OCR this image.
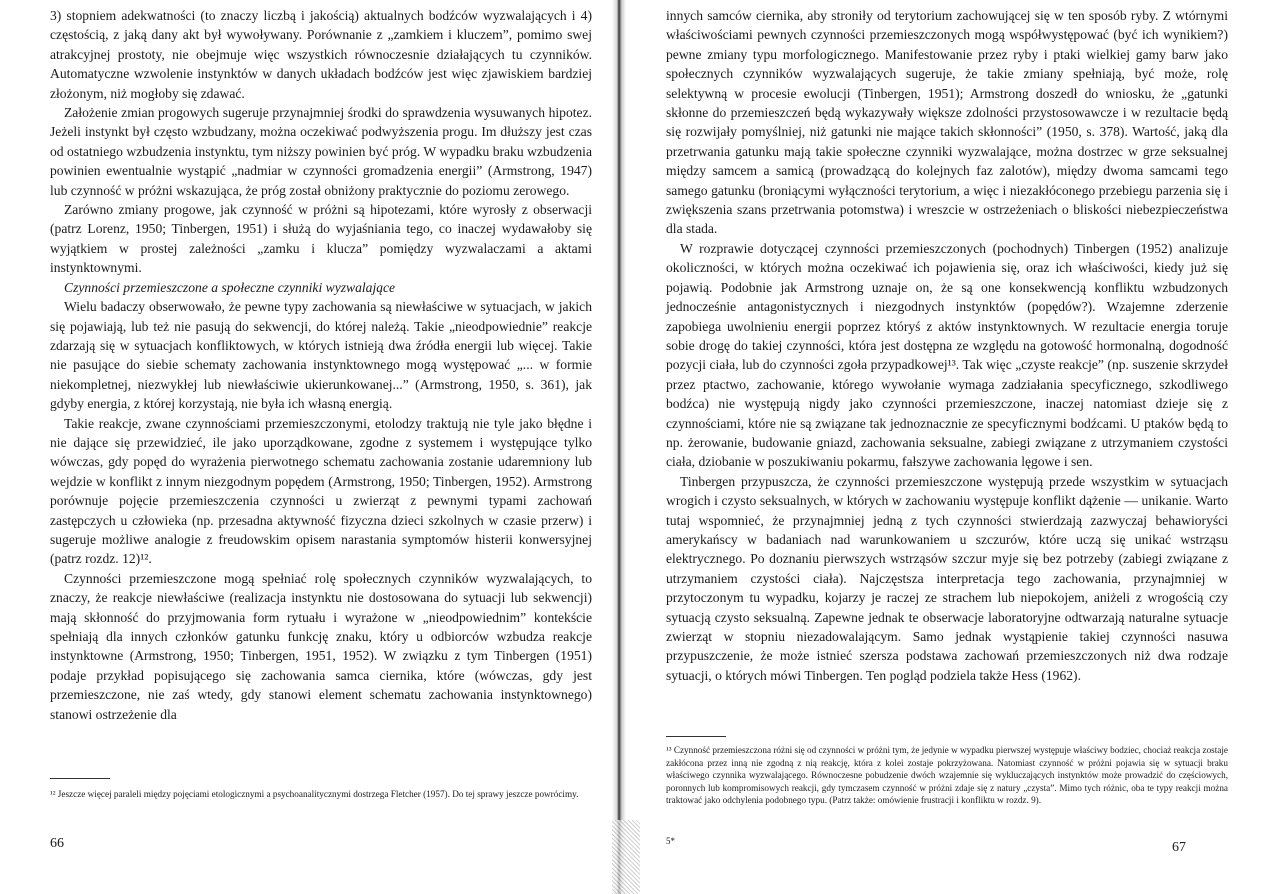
3) stopniem adekwatności (to znaczy liczbą i jakością) aktualnych bodźców wyzwalających i 4) częstością, z jaką dany akt był wywoływany. Porównanie z „zamkiem i kluczem”, pomimo swej atrakcyjnej prostoty, nie obejmuje więc wszystkich równoczesnie działających tu czynników. Automatyczne wzwolenie instynktów w danych układach bodźców jest więc zjawiskiem bardziej złożonym, niż mogłoby się zdawać.

Założenie zmian progowych sugeruje przynajmniej środki do sprawdzenia wysuwanych hipotez. Jeżeli instynkt był często wzbudzany, można oczekiwać podwyższenia progu. Im dłuższy jest czas od ostatniego wzbudzenia instynktu, tym niższy powinien być próg. W wypadku braku wzbudzenia powinien ewentualnie wystąpić „nadmiar w czynności gromadzenia energii” (Armstrong, 1947) lub czynność w próżni wskazująca, że próg został obniżony praktycznie do poziomu zerowego.

Zarówno zmiany progowe, jak czynność w próżni są hipotezami, które wyrosły z obserwacji (patrz Lorenz, 1950; Tinbergen, 1951) i służą do wyjaśniania tego, co inaczej wydawałoby się wyjątkiem w prostej zależności „zamku i klucza” pomiędzy wyzwalaczami a aktami instynktownymi.

Czynności przemieszczone a społeczne czynniki wyzwalające

Wielu badaczy obserwowało, że pewne typy zachowania są niewłaściwe w sytuacjach, w jakich się pojawiają, lub też nie pasują do sekwencji, do której należą. Takie „nieodpowiednie” reakcje zdarzają się w sytuacjach konfliktowych, w których istnieją dwa źródła energii lub więcej. Takie nie pasujące do siebie schematy zachowania instynktownego mogą występować „... w formie niekompletnej, niezwykłej lub niewłaściwie ukierunkowanej...” (Armstrong, 1950, s. 361), jak gdyby energia, z której korzystają, nie była ich własną energią.

Takie reakcje, zwane czynnościami przemieszczonymi, etolodzy traktują nie tyle jako błędne i nie dające się przewidzieć, ile jako uporządkowane, zgodne z systemem i występujące tylko wówczas, gdy popęd do wyrażenia pierwotnego schematu zachowania zostanie udaremniony lub wejdzie w konflikt z innym niezgodnym popędem (Armstrong, 1950; Tinbergen, 1952). Armstrong porównuje pojęcie przemieszczenia czynności u zwierząt z pewnymi typami zachowań zastępczych u człowieka (np. przesadna aktywność fizyczna dzieci szkolnych w czasie przerw) i sugeruje możliwe analogie z freudowskim opisem narastania symptomów histerii konwersyjnej (patrz rozdz. 12)¹².

Czynności przemieszczone mogą spełniać rolę społecznych czynników wyzwalających, to znaczy, że reakcje niewłaściwe (realizacja instynktu nie dostosowana do sytuacji lub sekwencji) mają skłonność do przyjmowania form rytuału i wyrażone w „nieodpowiednim” kontekście spełniają dla innych członków gatunku funkcję znaku, który u odbiorców wzbudza reakcje instynktowne (Armstrong, 1950; Tinbergen, 1951, 1952). W związku z tym Tinbergen (1951) podaje przykład popisującego się zachowania samca ciernika, które (wówczas, gdy jest przemieszczone, nie zaś wtedy, gdy stanowi element schematu zachowania instynktownego) stanowi ostrzeżenie dla

¹² Jeszcze więcej paraleli między pojęciami etologicznymi a psychoanalitycznymi dostrzega Fletcher (1957). Do tej sprawy jeszcze powrócimy.
66

innych samców ciernika, aby stroniły od terytorium zachowującej się w ten sposób ryby. Z wtórnymi właściwościami pewnych czynności przemieszczonych mogą współwystępować (być ich wynikiem?) pewne zmiany typu morfologicznego. Manifestowanie przez ryby i ptaki wielkiej gamy barw jako społecznych czynników wyzwalających sugeruje, że takie zmiany spełniają, być może, rolę selektywną w procesie ewolucji (Tinbergen, 1951); Armstrong doszedł do wniosku, że „gatunki skłonne do przemieszczeń będą wykazywały większe zdolności przystosowawcze i w rezultacie będą się rozwijały pomyślniej, niż gatunki nie mające takich skłonności” (1950, s. 378). Wartość, jaką dla przetrwania gatunku mają takie społeczne czynniki wyzwalające, można dostrzec w grze seksualnej między samcem a samicą (prowadzącą do kolejnych faz zalotów), między dwoma samcami tego samego gatunku (broniącymi wyłączności terytorium, a więc i niezakłóconego przebiegu parzenia się i zwiększenia szans przetrwania potomstwa) i wreszcie w ostrzeżeniach o bliskości niebezpieczeństwa dla stada.

W rozprawie dotyczącej czynności przemieszczonych (pochodnych) Tinbergen (1952) analizuje okoliczności, w których można oczekiwać ich pojawienia się, oraz ich właściwości, kiedy już się pojawią. Podobnie jak Armstrong uznaje on, że są one konsekwencją konfliktu wzbudzonych jednocześnie antagonistycznych i niezgodnych instynktów (popędów?). Wzajemne zderzenie zapobiega uwolnieniu energii poprzez któryś z aktów instynktownych. W rezultacie energia toruje sobie drogę do takiej czynności, która jest dostępna ze względu na gotowość hormonalną, dogodność pozycji ciała, lub do czynności zgoła przypadkowej¹³. Tak więc „czyste reakcje” (np. suszenie skrzydeł przez ptactwo, zachowanie, którego wywołanie wymaga zadziałania specyficznego, szkodliwego bodźca) nie występują nigdy jako czynności przemieszczone, inaczej natomiast dzieje się z czynnościami, które nie są związane tak jednoznacznie ze specyficznymi bodźcami. U ptaków będą to np. żerowanie, budowanie gniazd, zachowania seksualne, zabiegi związane z utrzymaniem czystości ciała, dziobanie w poszukiwaniu pokarmu, fałszywe zachowania lęgowe i sen.

Tinbergen przypuszcza, że czynności przemieszczone występują przede wszystkim w sytuacjach wrogich i czysto seksualnych, w których w zachowaniu występuje konflikt dążenie — unikanie. Warto tutaj wspomnieć, że przynajmniej jedną z tych czynności stwierdzają zazwyczaj behawioryści amerykańscy w badaniach nad warunkowaniem u szczurów, które uczą się unikać wstrząsu elektrycznego. Po doznaniu pierwszych wstrząsów szczur myje się bez potrzeby (zabiegi związane z utrzymaniem czystości ciała). Najczęstsza interpretacja tego zachowania, przynajmniej w przytoczonym tu wypadku, kojarzy je raczej ze strachem lub niepokojem, aniżeli z wrogością czy sytuacją czysto seksualną. Zapewne jednak te obserwacje laboratoryjne odtwarzają naturalne sytuacje zwierząt w stopniu niezadowalającym. Samo jednak wystąpienie takiej czynności nasuwa przypuszczenie, że może istnieć szersza podstawa zachowań przemieszczonych niż dwa rodzaje sytuacji, o których mówi Tinbergen. Ten pogląd podziela także Hess (1962).

¹³ Czynność przemieszczona różni się od czynności w próżni tym, że jedynie w wypadku pierwszej występuje właściwy bodziec, chociaż reakcja zostaje zakłócona przez inną nie zgodną z nią reakcję, która z kolei zostaje pokrzyżowana. Natomiast czynność w próżni pojawia się w sytuacji braku właściwego czynnika wyzwalającego. Równoczesne pobudzenie dwóch wzajemnie się wykluczających instynktów może prowadzić do częściowych, poronnych lub kompromisowych reakcji, gdy tymczasem czynność w próżni zdaje się z natury „czysta”. Mimo tych różnic, oba te typy reakcji można traktować jako odchylenia podobnego typu. (Patrz także: omówienie frustracji i konfliktu w rozdz. 9).
5*	67
